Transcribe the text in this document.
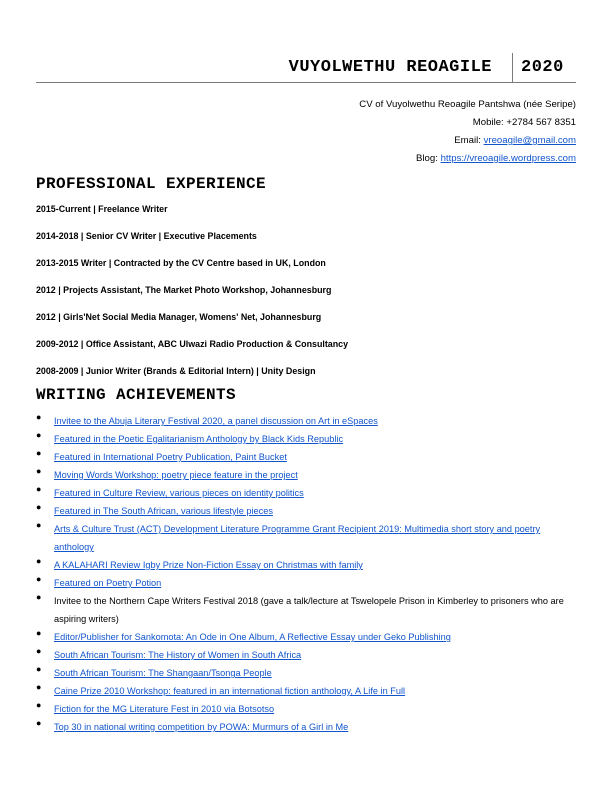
VUYOLWETHU REOAGILE 2020
CV of Vuyolwethu Reoagile Pantshwa (née Seripe)
Mobile: +2784 567 8351
Email: vreoagile@gmail.com
Blog: https://vreoagile.wordpress.com
PROFESSIONAL EXPERIENCE
2015-Current | Freelance Writer
2014-2018 | Senior CV Writer | Executive Placements
2013-2015 Writer | Contracted by the CV Centre based in UK, London
2012 | Projects Assistant, The Market Photo Workshop, Johannesburg
2012 | Girls'Net Social Media Manager, Womens' Net, Johannesburg
2009-2012 | Office Assistant, ABC Ulwazi Radio Production & Consultancy
2008-2009 | Junior Writer (Brands & Editorial Intern) | Unity Design
WRITING ACHIEVEMENTS
● Invitee to the Abuja Literary Festival 2020, a panel discussion on Art in eSpaces
● Featured in the Poetic Egalitarianism Anthology by Black Kids Republic
● Featured in International Poetry Publication, Paint Bucket
● Moving Words Workshop: poetry piece feature in the project
● Featured in Culture Review, various pieces on identity politics
● Featured in The South African, various lifestyle pieces
● Arts & Culture Trust (ACT) Development Literature Programme Grant Recipient 2019: Multimedia short story and poetry anthology
● A KALAHARI Review Igby Prize Non-Fiction Essay on Christmas with family
● Featured on Poetry Potion
● Invitee to the Northern Cape Writers Festival 2018 (gave a talk/lecture at Tswelopele Prison in Kimberley to prisoners who are aspiring writers)
● Editor/Publisher for Sankomota: An Ode in One Album, A Reflective Essay under Geko Publishing
● South African Tourism: The History of Women in South Africa
● South African Tourism: The Shangaan/Tsonga People
● Caine Prize 2010 Workshop: featured in an international fiction anthology, A Life in Full
● Fiction for the MG Literature Fest in 2010 via Botsotso
● Top 30 in national writing competition by POWA: Murmurs of a Girl in Me
